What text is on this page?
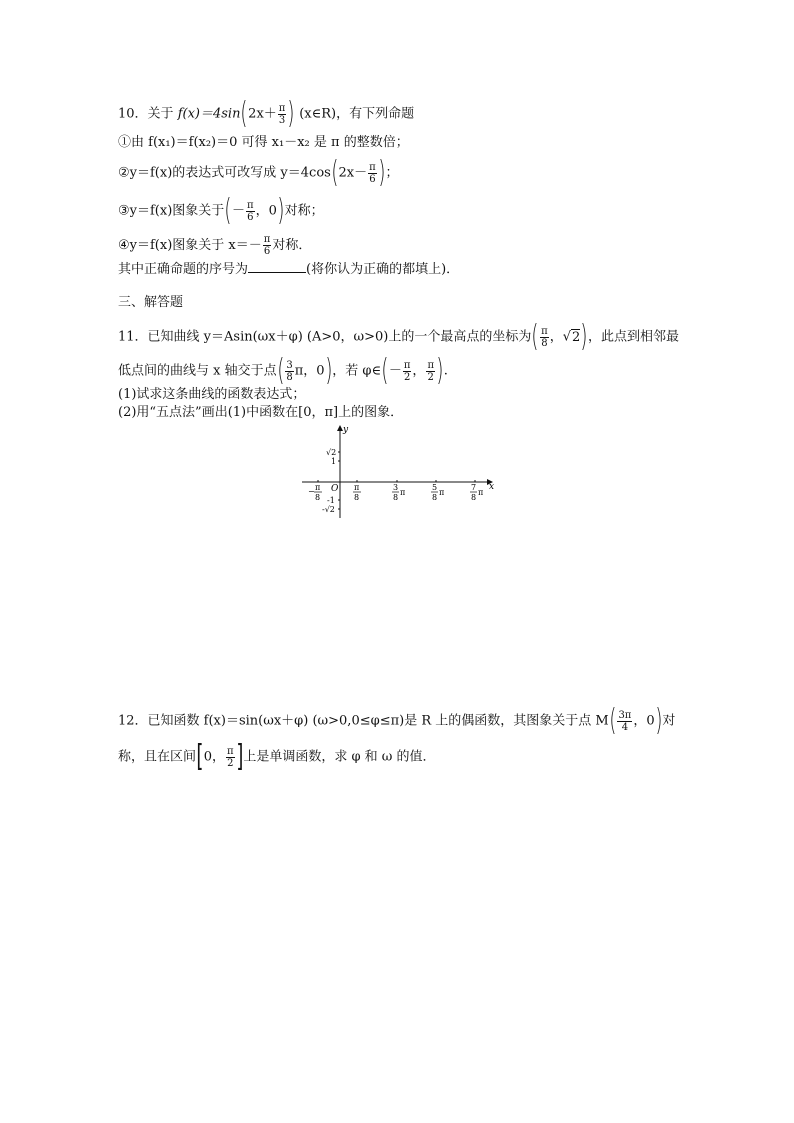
10．关于 $f(x)=4\sin(2x+ \frac{\pi}{3}$ ) (x∈R)，有下列命题
①由 f(x₁)＝f(x₂)＝0 可得 x₁－x₂ 是 π 的整数倍；
②y＝f(x)的表达式可改写成 $y=4\cos(2x- \frac{\pi}{6}$ )；
③y＝f(x)图象关于(－ $\frac{\pi}{6}$ ，0)对称；
④y＝f(x)图象关于 $x=- \frac{\pi}{6}$ 对称．
其中正确命题的序号为	(将你认为正确的都填上)．
三、解答题
11．已知曲线 y＝Asin(ωx＋φ) (A>0，ω>0)上的一个最高点的坐标为( $\frac{\pi}{8}$ ，√2)，此点到相邻最
低点间的曲线与 x 轴交于点( $\frac{3}{8}$ π，0)，若 φ∈(－ $\frac{\pi}{2}$ ， $\frac{\pi}{2}$ ).
(1)试求这条曲线的函数表达式；
(2)用“五点法”画出(1)中函数在[0，π]上的图象．
y
x
O
√2
1
-1
-√2
− π
8
π
8
3
8
π
5
8
π
7
8
π
12．已知函数 f(x)＝sin(ωx＋φ) (ω>0,0≤φ≤π)是 R 上的偶函数，其图象关于点 $M( \frac{3\pi}{4}$ ，0)对
称，且在区间[0， $\frac{\pi}{2}$ ]上是单调函数，求 φ 和 ω 的值．
